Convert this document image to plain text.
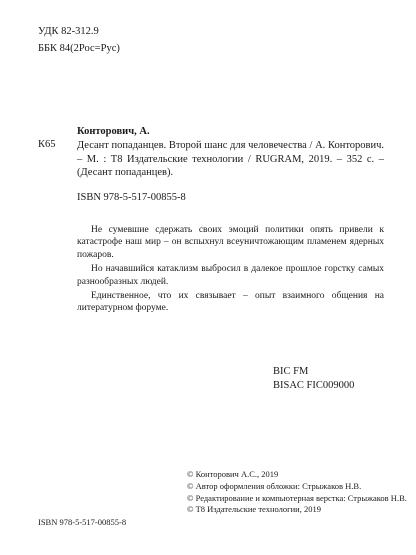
УДК 82-312.9
ББК 84(2Рос=Рус)
Конторович, А.
К65 Десант попаданцев. Второй шанс для человечества / А. Конторович. – М. : Т8 Издательские технологии / RUGRAM, 2019. – 352 с. – (Десант попаданцев).
ISBN 978-5-517-00855-8

Не сумевшие сдержать своих эмоций политики опять привели к катастрофе наш мир – он вспыхнул всеуничтожающим пламенем ядерных пожаров.

Но начавшийся катаклизм выбросил в далекое прошлое горстку самых разнообразных людей.

Единственное, что их связывает – опыт взаимного общения на литературном форуме.

BIC FM
BISAC FIC009000
© Конторович А.С., 2019
© Автор оформления обложки: Стрыжаков Н.В.
© Редактирование и компьютерная верстка: Стрыжаков Н.В.
© Т8 Издательские технологии, 2019
ISBN 978-5-517-00855-8
